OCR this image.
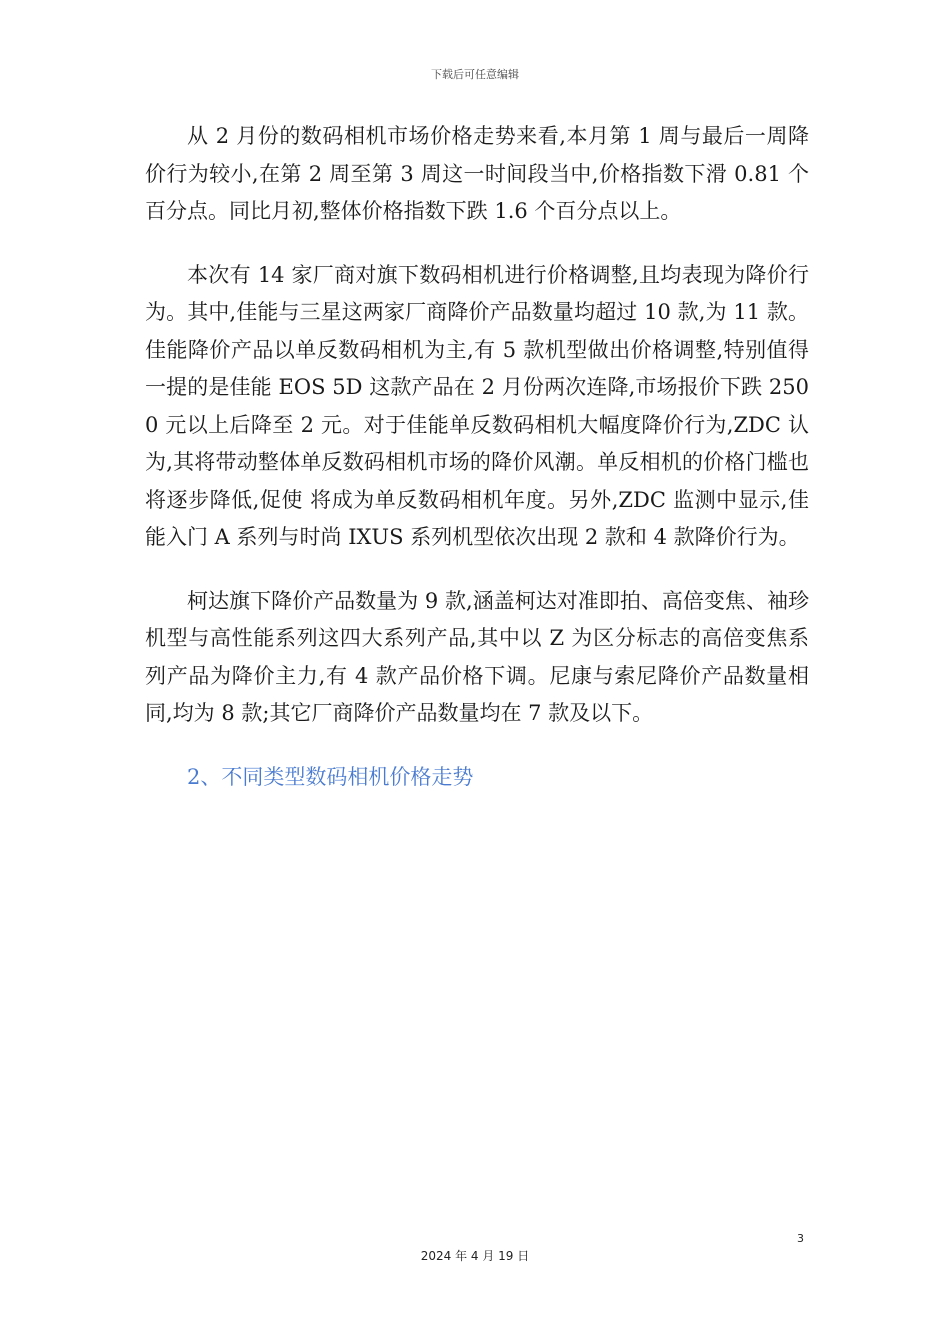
下载后可任意编辑

从 2 月份的数码相机市场价格走势来看,本月第 1 周与最后一周降价行为较小,在第 2 周至第 3 周这一时间段当中,价格指数下滑 0.81 个百分点。同比月初,整体价格指数下跌 1.6 个百分点以上。

本次有 14 家厂商对旗下数码相机进行价格调整,且均表现为降价行为。其中,佳能与三星这两家厂商降价产品数量均超过 10 款,为 11 款。佳能降价产品以单反数码相机为主,有 5 款机型做出价格调整,特别值得一提的是佳能 EOS 5D 这款产品在 2 月份两次连降,市场报价下跌 2500 元以上后降至 2 元。对于佳能单反数码相机大幅度降价行为,ZDC 认为,其将带动整体单反数码相机市场的降价风潮。单反相机的价格门槛也将逐步降低,促使 将成为单反数码相机年度。另外,ZDC 监测中显示,佳能入门 A 系列与时尚 IXUS 系列机型依次出现 2 款和 4 款降价行为。

柯达旗下降价产品数量为 9 款,涵盖柯达对准即拍、高倍变焦、袖珍机型与高性能系列这四大系列产品,其中以 Z 为区分标志的高倍变焦系列产品为降价主力,有 4 款产品价格下调。尼康与索尼降价产品数量相同,均为 8 款;其它厂商降价产品数量均在 7 款及以下。

2、不同类型数码相机价格走势

3
2024 年 4 月 19 日
